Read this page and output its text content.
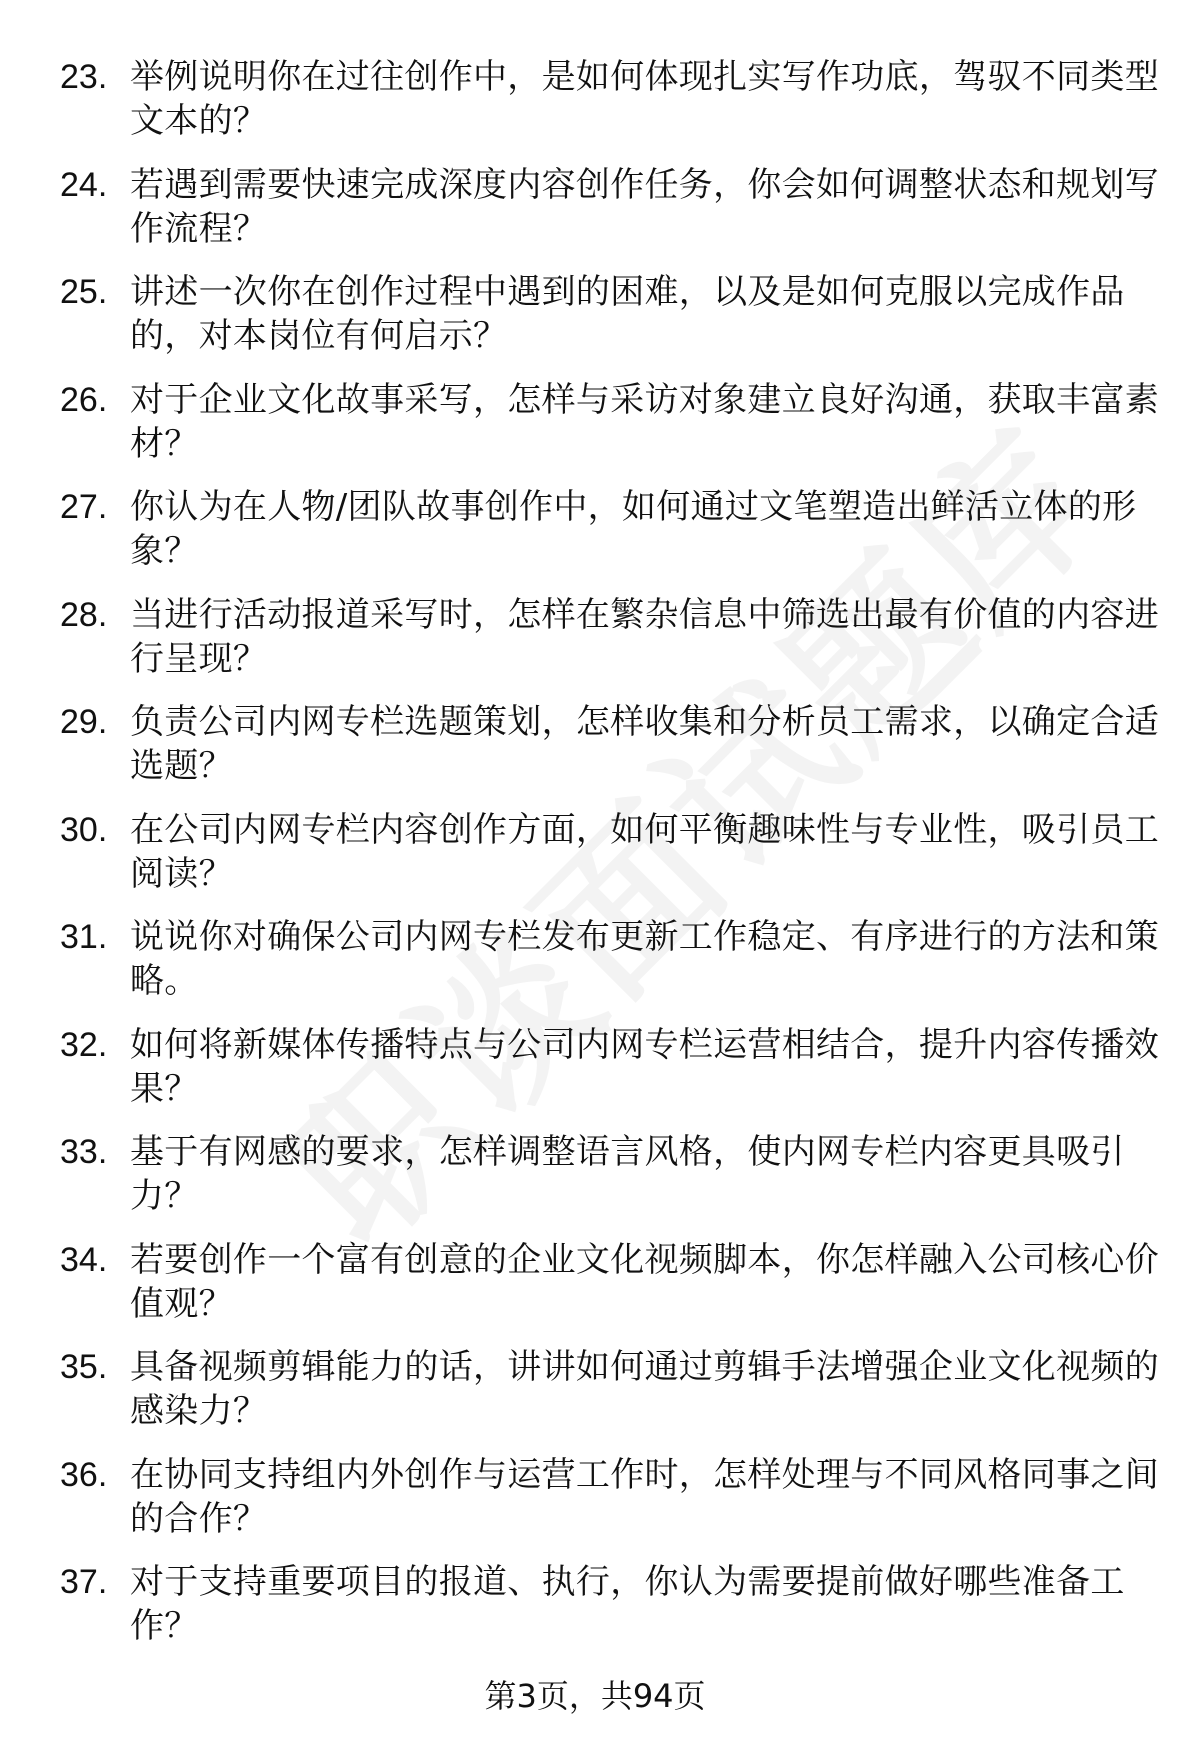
23. 举例说明你在过往创作中，是如何体现扎实写作功底，驾驭不同类型文本的？
24. 若遇到需要快速完成深度内容创作任务，你会如何调整状态和规划写作流程？
25. 讲述一次你在创作过程中遇到的困难，以及是如何克服以完成作品的，对本岗位有何启示？
26. 对于企业文化故事采写，怎样与采访对象建立良好沟通，获取丰富素材？
27. 你认为在人物/团队故事创作中，如何通过文笔塑造出鲜活立体的形象？
28. 当进行活动报道采写时，怎样在繁杂信息中筛选出最有价值的内容进行呈现？
29. 负责公司内网专栏选题策划，怎样收集和分析员工需求，以确定合适选题？
30. 在公司内网专栏内容创作方面，如何平衡趣味性与专业性，吸引员工阅读？
31. 说说你对确保公司内网专栏发布更新工作稳定、有序进行的方法和策略。
32. 如何将新媒体传播特点与公司内网专栏运营相结合，提升内容传播效果？
33. 基于有网感的要求，怎样调整语言风格，使内网专栏内容更具吸引力？
34. 若要创作一个富有创意的企业文化视频脚本，你怎样融入公司核心价值观？
35. 具备视频剪辑能力的话，讲讲如何通过剪辑手法增强企业文化视频的感染力？
36. 在协同支持组内外创作与运营工作时，怎样处理与不同风格同事之间的合作？
37. 对于支持重要项目的报道、执行，你认为需要提前做好哪些准备工作？
第3页，共94页
